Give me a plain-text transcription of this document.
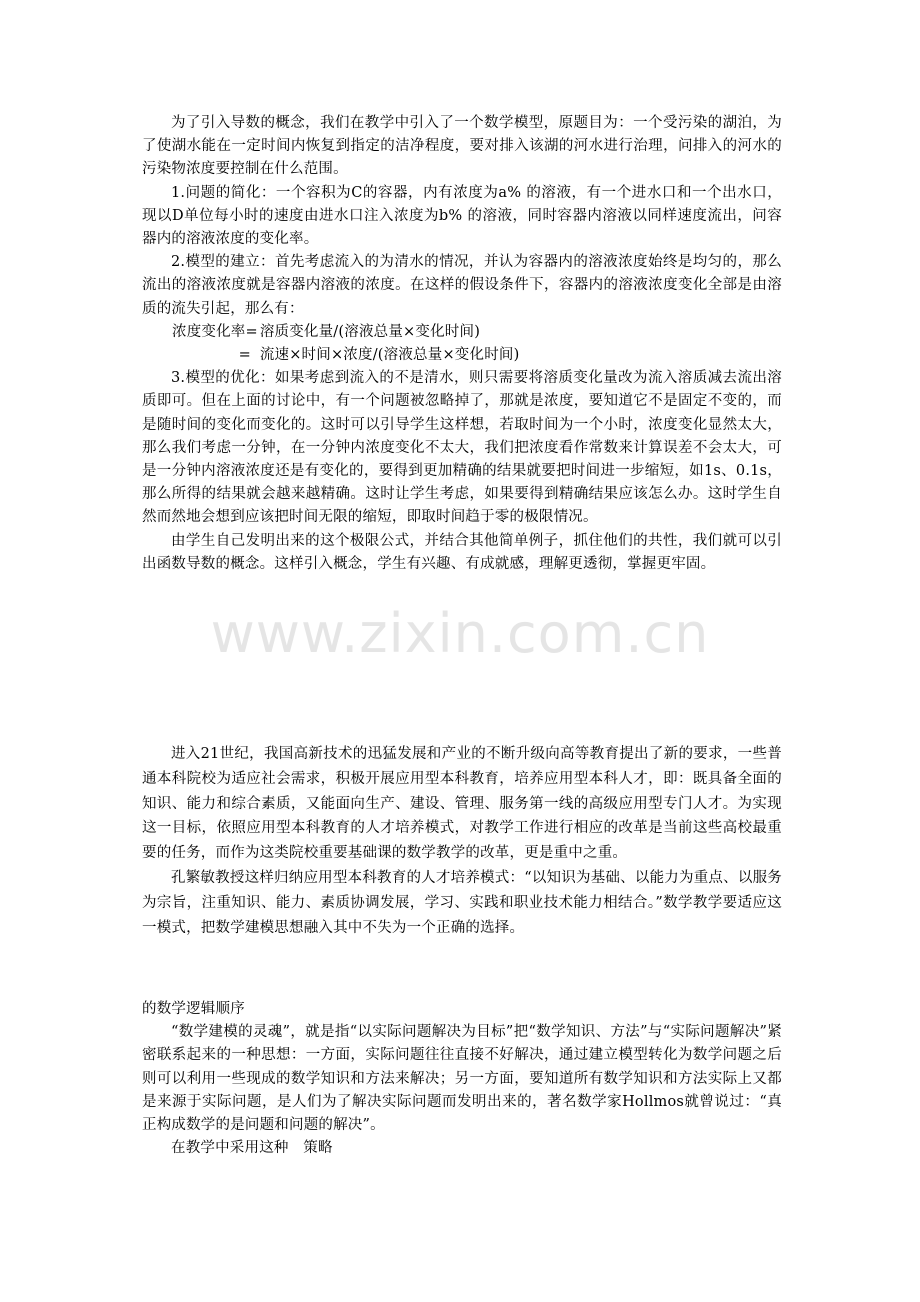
为了引入导数的概念，我们在教学中引入了一个数学模型，原题目为：一个受污染的湖泊，为了使湖水能在一定时间内恢复到指定的洁净程度，要对排入该湖的河水进行治理，问排入的河水的污染物浓度要控制在什么范围。

1.问题的简化：一个容积为C的容器，内有浓度为a% 的溶液，有一个进水口和一个出水口，现以D单位每小时的速度由进水口注入浓度为b% 的溶液，同时容器内溶液以同样速度流出，问容器内的溶液浓度的变化率。

2.模型的建立：首先考虑流入的为清水的情况，并认为容器内的溶液浓度始终是均匀的，那么流出的溶液浓度就是容器内溶液的浓度。在这样的假设条件下，容器内的溶液浓度变化全部是由溶质的流失引起，那么有：

浓度变化率= 溶质变化量/(溶液总量×变化时间)
= 流速×时间×浓度/(溶液总量×变化时间)

3.模型的优化：如果考虑到流入的不是清水，则只需要将溶质变化量改为流入溶质减去流出溶质即可。但在上面的讨论中，有一个问题被忽略掉了，那就是浓度，要知道它不是固定不变的，而是随时间的变化而变化的。这时可以引导学生这样想，若取时间为一个小时，浓度变化显然太大，那么我们考虑一分钟，在一分钟内浓度变化不太大，我们把浓度看作常数来计算误差不会太大，可是一分钟内溶液浓度还是有变化的，要得到更加精确的结果就要把时间进一步缩短，如1s、0.1s，那么所得的结果就会越来越精确。这时让学生考虑，如果要得到精确结果应该怎么办。这时学生自然而然地会想到应该把时间无限的缩短，即取时间趋于零的极限情况。

由学生自己发明出来的这个极限公式，并结合其他简单例子，抓住他们的共性，我们就可以引出函数导数的概念。这样引入概念，学生有兴趣、有成就感，理解更透彻，掌握更牢固。

www.zixin.com.cn

进入21世纪，我国高新技术的迅猛发展和产业的不断升级向高等教育提出了新的要求，一些普通本科院校为适应社会需求，积极开展应用型本科教育，培养应用型本科人才，即：既具备全面的知识、能力和综合素质，又能面向生产、建设、管理、服务第一线的高级应用型专门人才。为实现这一目标，依照应用型本科教育的人才培养模式，对教学工作进行相应的改革是当前这些高校最重要的任务，而作为这类院校重要基础课的数学教学的改革，更是重中之重。

孔繁敏教授这样归纳应用型本科教育的人才培养模式：“以知识为基础、以能力为重点、以服务为宗旨，注重知识、能力、素质协调发展，学习、实践和职业技术能力相结合。”数学教学要适应这一模式，把数学建模思想融入其中不失为一个正确的选择。

的数学逻辑顺序

“数学建模的灵魂”，就是指“以实际问题解决为目标”把“数学知识、方法”与“实际问题解决”紧密联系起来的一种思想：一方面，实际问题往往直接不好解决，通过建立模型转化为数学问题之后则可以利用一些现成的数学知识和方法来解决；另一方面，要知道所有数学知识和方法实际上又都是来源于实际问题，是人们为了解决实际问题而发明出来的，著名数学家Hollmos就曾说过：“真正构成数学的是问题和问题的解决”。

在教学中采用这种　策略
